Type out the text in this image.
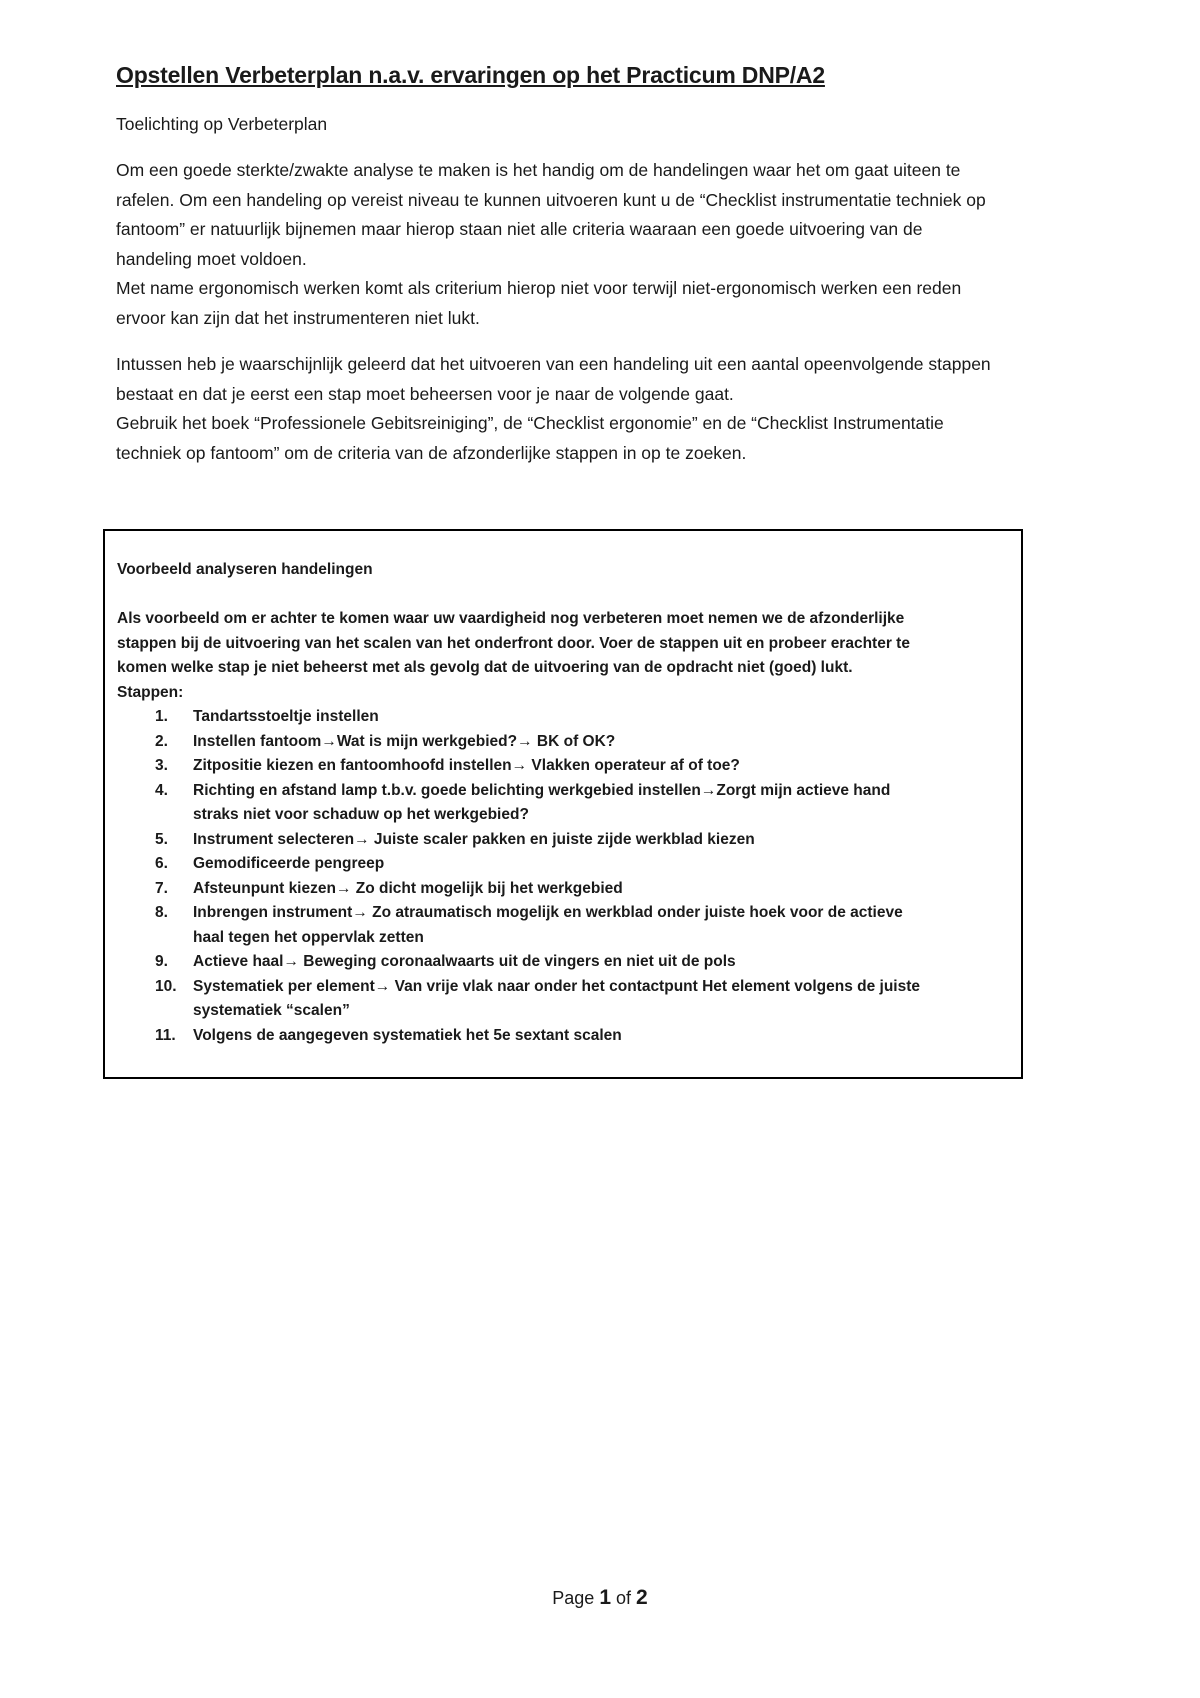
Opstellen Verbeterplan n.a.v. ervaringen op het Practicum DNP/A2
Toelichting op Verbeterplan

Om een goede sterkte/zwakte analyse te maken is het handig om de handelingen waar het om gaat uiteen te
rafelen. Om een handeling op vereist niveau te kunnen uitvoeren kunt u de “Checklist instrumentatie techniek op
fantoom” er natuurlijk bijnemen maar hierop staan niet alle criteria waaraan een goede uitvoering van de
handeling moet voldoen.
Met name ergonomisch werken komt als criterium hierop niet voor terwijl niet-ergonomisch werken een reden
ervoor kan zijn dat het instrumenteren niet lukt.

Intussen heb je waarschijnlijk geleerd dat het uitvoeren van een handeling uit een aantal opeenvolgende stappen
bestaat en dat je eerst een stap moet beheersen voor je naar de volgende gaat.
Gebruik het boek “Professionele Gebitsreiniging”, de “Checklist ergonomie” en de “Checklist Instrumentatie
techniek op fantoom” om de criteria van de afzonderlijke stappen in op te zoeken.

Voorbeeld analyseren handelingen
Als voorbeeld om er achter te komen waar uw vaardigheid nog verbeteren moet nemen we de afzonderlijke
stappen bij de uitvoering van het scalen van het onderfront door. Voer de stappen uit en probeer erachter te
komen welke stap je niet beheerst met als gevolg dat de uitvoering van de opdracht niet (goed) lukt.
Stappen:
1.	Tandartsstoeltje instellen
2.	Instellen fantoom→Wat is mijn werkgebied?→ BK of OK?
3.	Zitpositie kiezen en fantoomhoofd instellen→ Vlakken operateur af of toe?
4.	Richting en afstand lamp t.b.v. goede belichting werkgebied instellen→Zorgt mijn actieve hand
straks niet voor schaduw op het werkgebied?
5.	Instrument selecteren→ Juiste scaler pakken en juiste zijde werkblad kiezen
6.	Gemodificeerde pengreep
7.	Afsteunpunt kiezen→ Zo dicht mogelijk bij het werkgebied
8.	Inbrengen instrument→ Zo atraumatisch mogelijk en werkblad onder juiste hoek voor de actieve
haal tegen het oppervlak zetten
9.	Actieve haal→ Beweging coronaalwaarts uit de vingers en niet uit de pols
10.	Systematiek per element→ Van vrije vlak naar onder het contactpunt Het element volgens de juiste
systematiek “scalen”
11.	Volgens de aangegeven systematiek het 5e sextant scalen
Page 1 of 2
